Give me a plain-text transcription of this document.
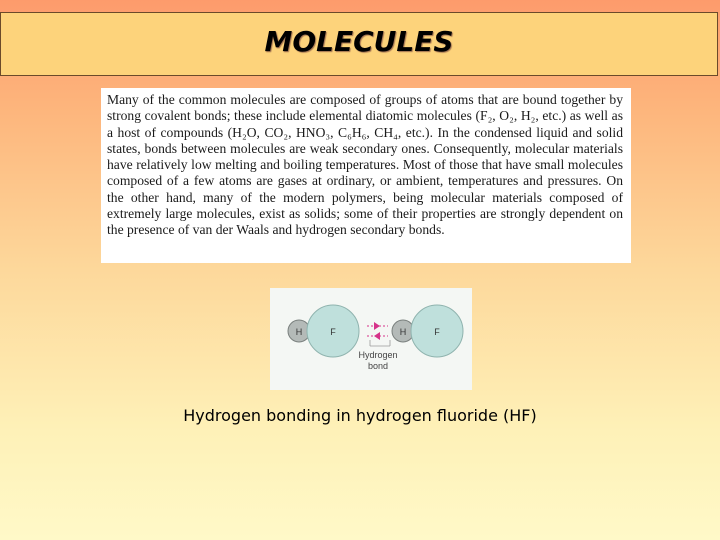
MOLECULES
Many of the common molecules are composed of groups of atoms that are bound together by strong covalent bonds; these include elemental diatomic molecules (F₂, O₂, H₂, etc.) as well as a host of compounds (H₂O, CO₂, HNO₃, C₆H₆, CH₄, etc.). In the condensed liquid and solid states, bonds between molecules are weak secondary ones. Consequently, molecular materials have relatively low melting and boiling temperatures. Most of those that have small molecules composed of a few atoms are gases at ordinary, or ambient, temperatures and pressures. On the other hand, many of the modern polymers, being molecular materials composed of extremely large molecules, exist as solids; some of their properties are strongly dependent on the presence of van der Waals and hydrogen secondary bonds.
H	F	H	F
Hydrogen
bond
Hydrogen bonding in hydrogen fluoride (HF)
